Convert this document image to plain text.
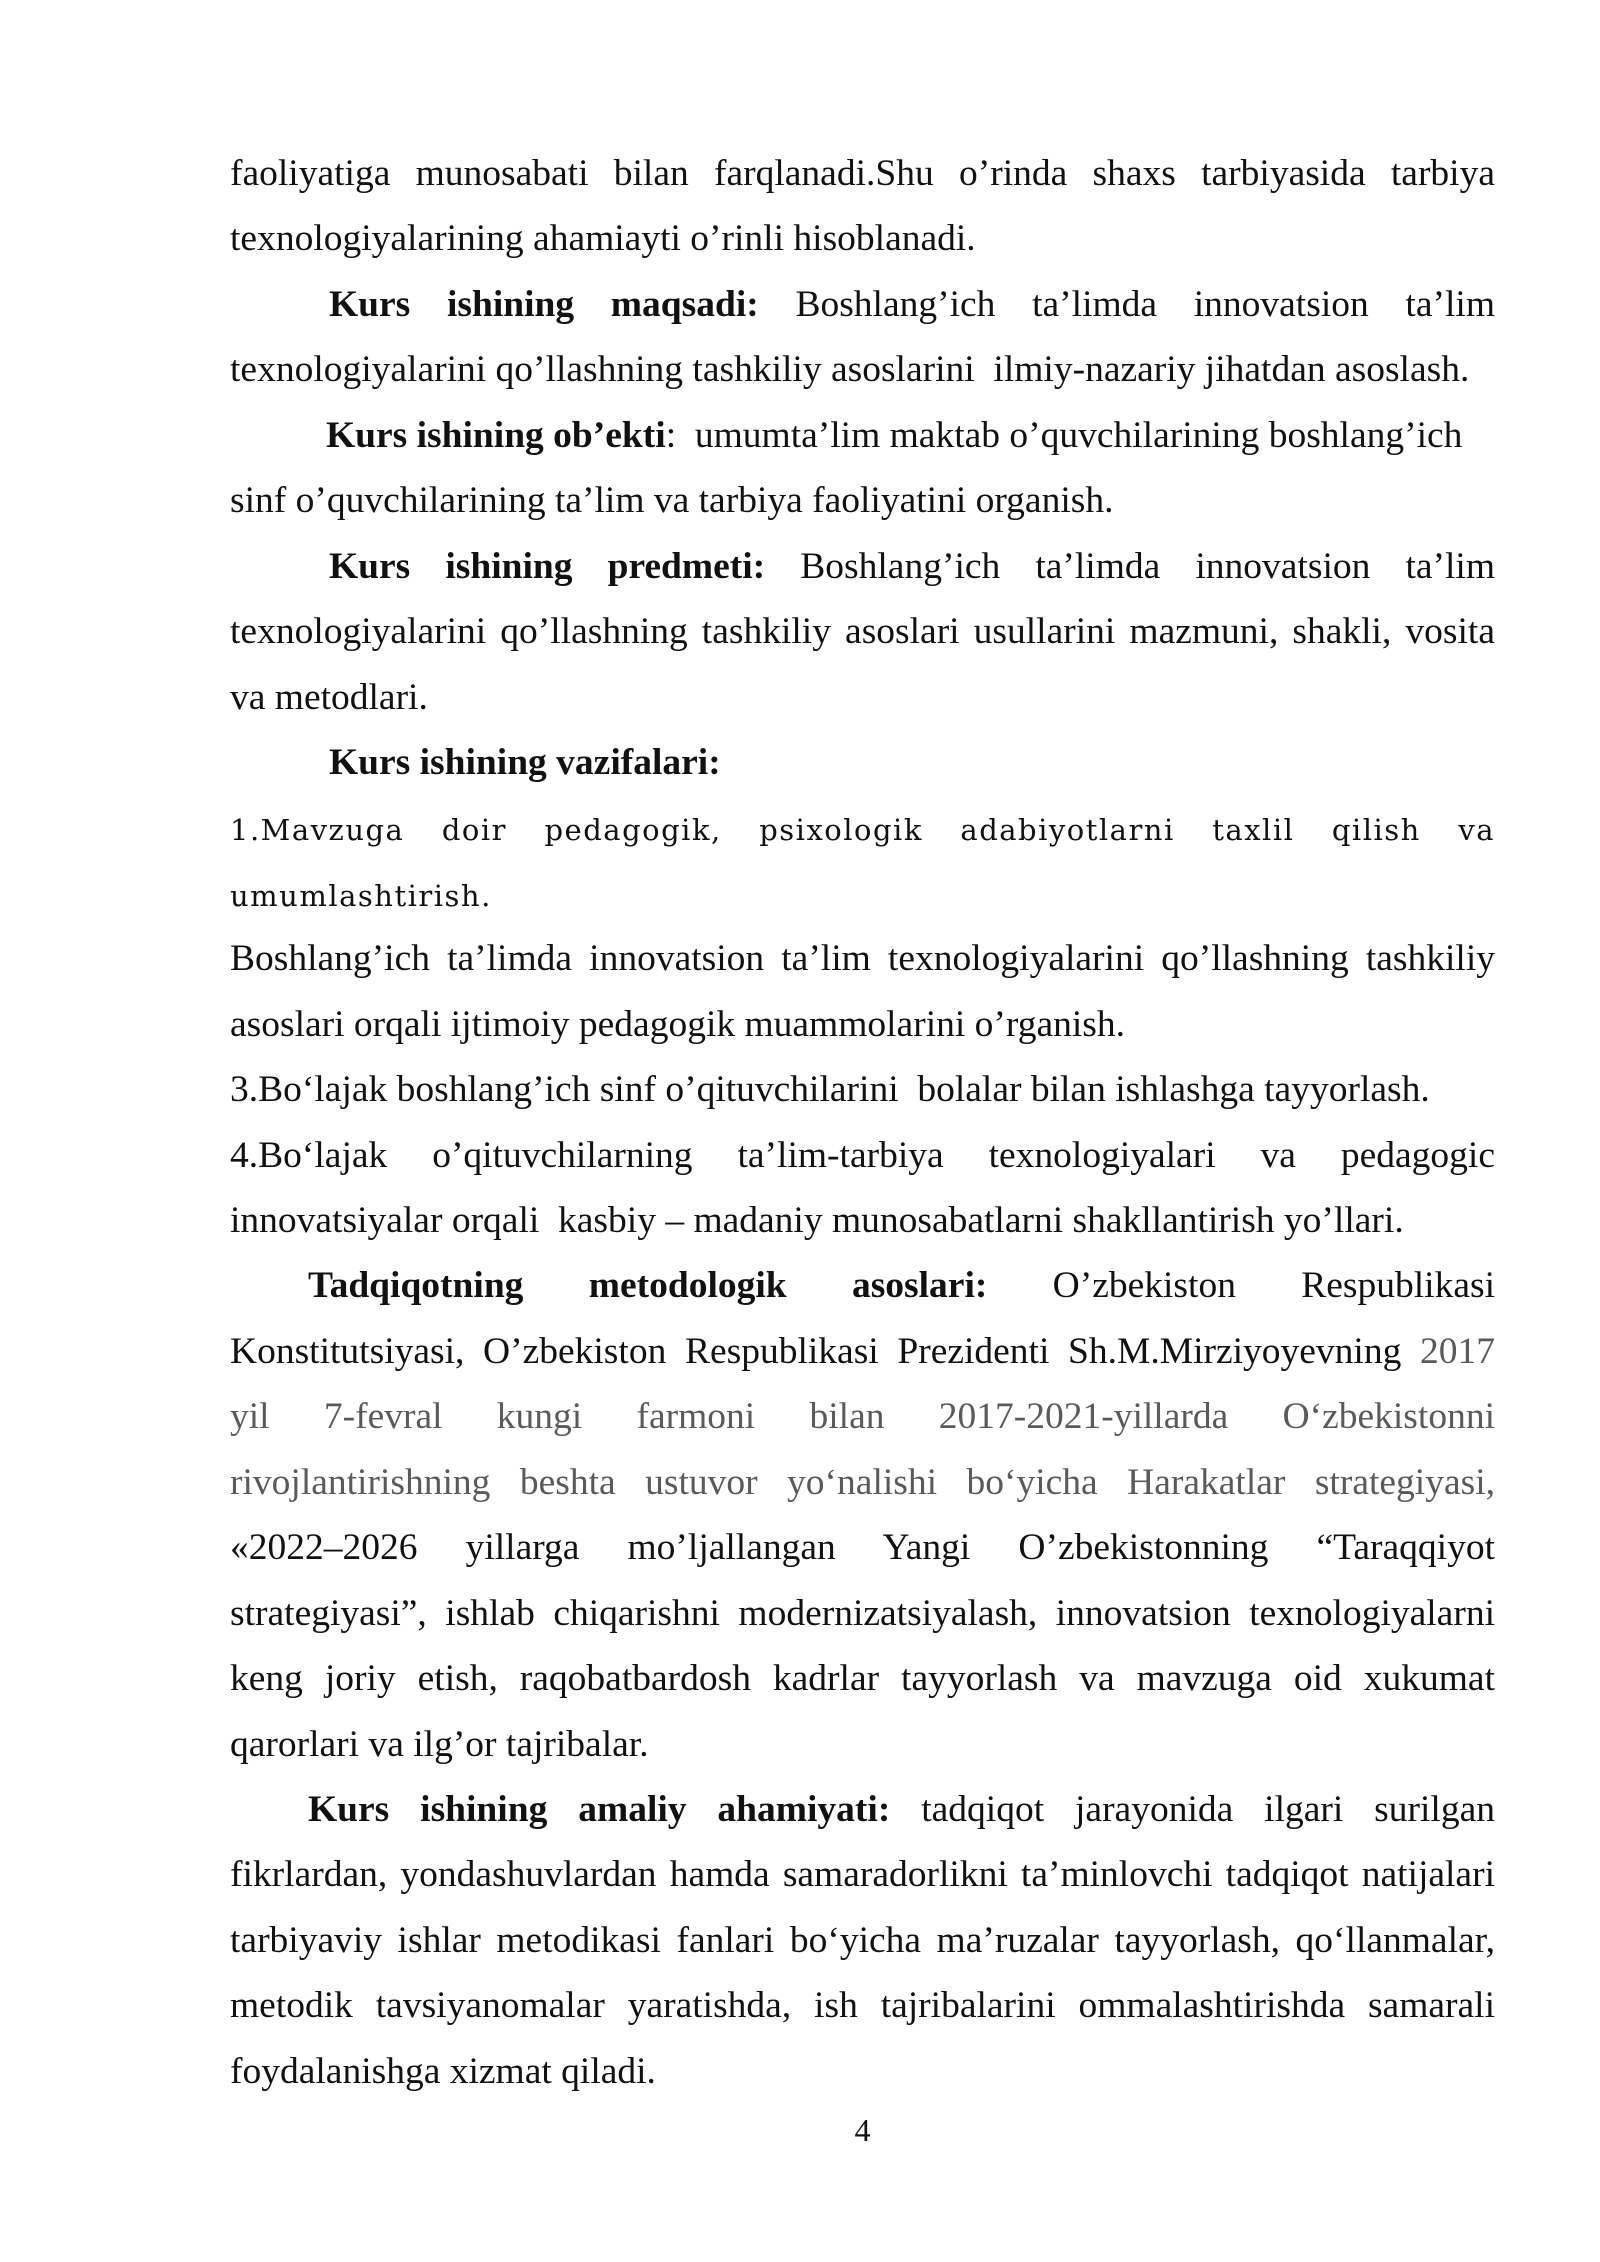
faoliyatiga munosabati bilan farqlanadi.Shu o’rinda shaxs tarbiyasida tarbiya
texnologiyalarining ahamiayti o’rinli hisoblanadi.
Kurs ishining maqsadi: Boshlang’ich ta’limda innovatsion ta’lim
texnologiyalarini qo’llashning tashkiliy asoslarini  ilmiy-nazariy jihatdan asoslash.
Kurs ishining ob’ekti:  umumta’lim maktab o’quvchilarining boshlang’ich
sinf o’quvchilarining ta’lim va tarbiya faoliyatini organish.
Kurs ishining predmeti: Boshlang’ich ta’limda innovatsion ta’lim
texnologiyalarini qo’llashning tashkiliy asoslari usullarini mazmuni, shakli, vosita
va metodlari.
Kurs ishining vazifalari:
1.Mavzuga doir pedagogik, psixologik adabiyotlarni taxlil qilish va
umumlashtirish.
Boshlang’ich ta’limda innovatsion ta’lim texnologiyalarini qo’llashning tashkiliy
asoslari orqali ijtimoiy pedagogik muammolarini o’rganish.
3.Bo‘lajak boshlang’ich sinf o’qituvchilarini  bolalar bilan ishlashga tayyorlash.
4.Bo‘lajak o’qituvchilarning ta’lim-tarbiya texnologiyalari va pedagogic
innovatsiyalar orqali  kasbiy – madaniy munosabatlarni shakllantirish yo’llari.
Tadqiqotning metodologik asoslari: O’zbekiston Respublikasi
Konstitutsiyasi, O’zbekiston Respublikasi Prezidenti Sh.M.Mirziyoyevning 2017
yil 7-fevral kungi farmoni bilan 2017-2021-yillarda O‘zbekistonni
rivojlantirishning beshta ustuvor yo‘nalishi bo‘yicha Harakatlar strategiyasi,
«2022–2026 yillarga mo’ljallangan Yangi O’zbekistonning “Taraqqiyot
strategiyasi”, ishlab chiqarishni modernizatsiyalash, innovatsion texnologiyalarni
keng joriy etish, raqobatbardosh kadrlar tayyorlash va mavzuga oid xukumat
qarorlari va ilg’or tajribalar.
Kurs ishining amaliy ahamiyati: tadqiqot jarayonida ilgari surilgan
fikrlardan, yondashuvlardan hamda samaradorlikni ta’minlovchi tadqiqot natijalari
tarbiyaviy ishlar metodikasi fanlari bo‘yicha ma’ruzalar tayyorlash, qo‘llanmalar,
metodik tavsiyanomalar yaratishda, ish tajribalarini ommalashtirishda samarali
foydalanishga xizmat qiladi.
4
